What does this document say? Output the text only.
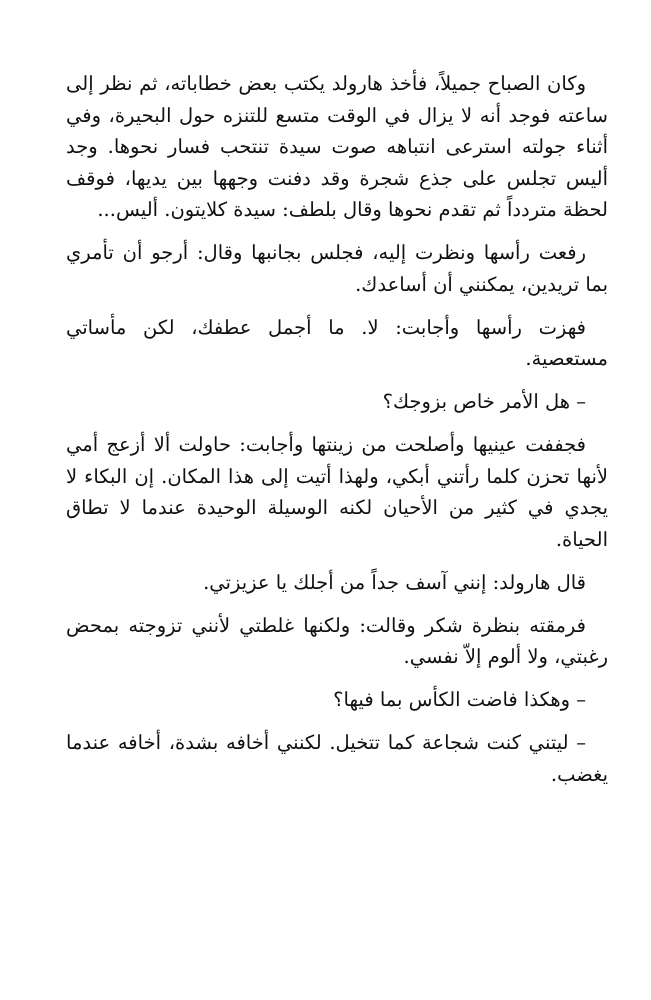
وكان الصباح جميلاً، فأخذ هارولد يكتب بعض خطاباته، ثم نظر إلى ساعته فوجد أنه لا يزال في الوقت متسع للتنزه حول البحيرة، وفي أثناء جولته استرعى انتباهه صوت سيدة تنتحب فسار نحوها. وجد أليس تجلس على جذع شجرة وقد دفنت وجهها بين يديها، فوقف لحظة متردداً ثم تقدم نحوها وقال بلطف: سيدة كلايتون. أليس...

رفعت رأسها ونظرت إليه، فجلس بجانبها وقال: أرجو أن تأمري بما تريدين، يمكنني أن أساعدك.

فهزت رأسها وأجابت: لا. ما أجمل عطفك، لكن مأساتي مستعصية.

– هل الأمر خاص بزوجك؟

فجففت عينيها وأصلحت من زينتها وأجابت: حاولت ألا أزعج أمي لأنها تحزن كلما رأتني أبكي، ولهذا أتيت إلى هذا المكان. إن البكاء لا يجدي في كثير من الأحيان لكنه الوسيلة الوحيدة عندما لا تطاق الحياة.

قال هارولد: إنني آسف جداً من أجلك يا عزيزتي.

فرمقته بنظرة شكر وقالت: ولكنها غلطتي لأنني تزوجته بمحض رغبتي، ولا ألوم إلاّ نفسي.

– وهكذا فاضت الكأس بما فيها؟

– ليتني كنت شجاعة كما تتخيل. لكنني أخافه بشدة، أخافه عندما يغضب.
